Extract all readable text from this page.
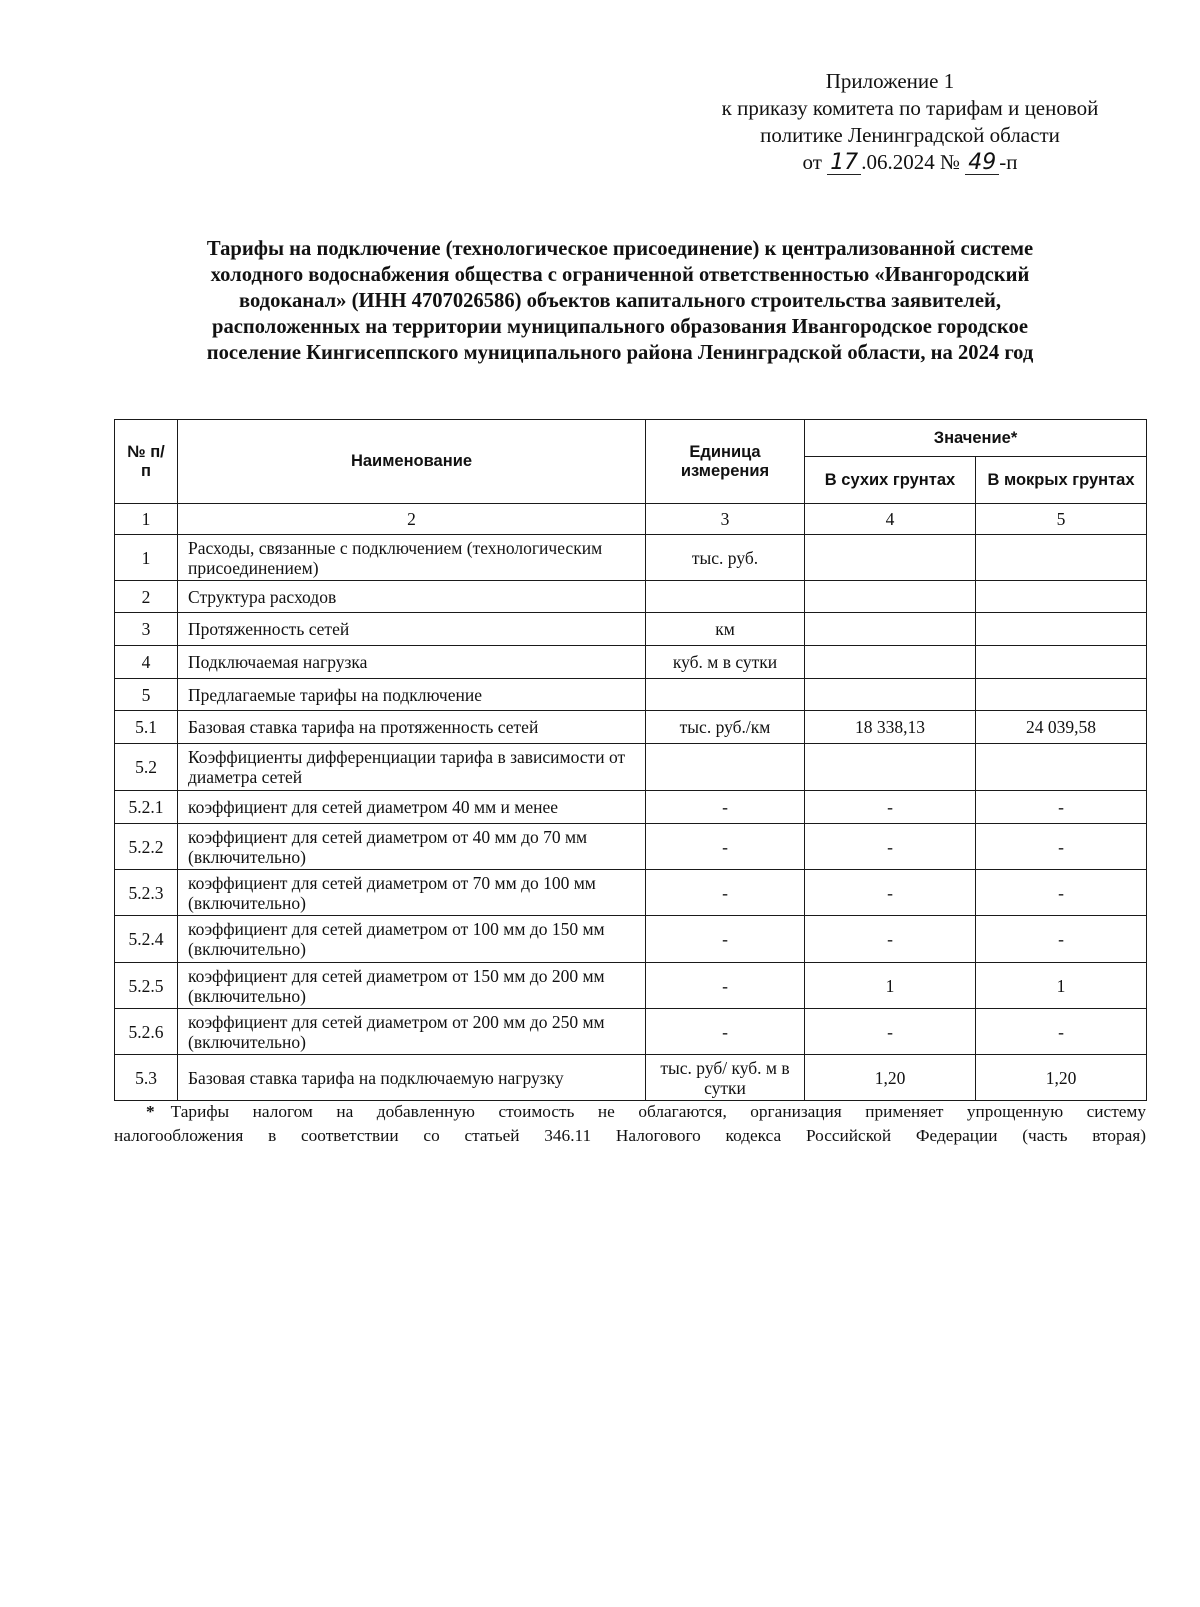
Приложение 1
к приказу комитета по тарифам и ценовой
политике Ленинградской области
от 17 .06.2024 № 49 -п
Тарифы на подключение (технологическое присоединение) к централизованной системе
холодного водоснабжения общества с ограниченной ответственностью «Ивангородский
водоканал» (ИНН 4707026586) объектов капитального строительства заявителей,
расположенных на территории муниципального образования Ивангородское городское
поселение Кингисеппского муниципального района Ленинградской области, на 2024 год
№ п/п	Наименование	Единица измерения	Значение*	
			В сухих грунтах	В мокрых грунтах
1	2	3	4	5
1	Расходы, связанные с подключением (технологическим присоединением)	тыс. руб.		
2	Структура расходов			
3	Протяженность сетей	км		
4	Подключаемая нагрузка	куб. м в сутки		
5	Предлагаемые тарифы на подключение			
5.1	Базовая ставка тарифа на протяженность сетей	тыс. руб./км	18 338,13	24 039,58
5.2	Коэффициенты дифференциации тарифа в зависимости от диаметра сетей			
5.2.1	коэффициент для сетей диаметром 40 мм и менее	-	-	-
5.2.2	коэффициент для сетей диаметром от 40 мм до 70 мм (включительно)	-	-	-
5.2.3	коэффициент для сетей диаметром от 70 мм до 100 мм (включительно)	-	-	-
5.2.4	коэффициент для сетей диаметром от 100 мм до 150 мм (включительно)	-	-	-
5.2.5	коэффициент для сетей диаметром от 150 мм до 200 мм (включительно)	-	1	1
5.2.6	коэффициент для сетей диаметром от 200 мм до 250 мм (включительно)	-	-	-
5.3	Базовая ставка тарифа на подключаемую нагрузку	тыс. руб/ куб. м в сутки	1,20	1,20
* Тарифы налогом на добавленную стоимость не облагаются, организация применяет упрощенную систему
налогообложения в соответствии со статьей 346.11 Налогового кодекса Российской Федерации (часть вторая)
